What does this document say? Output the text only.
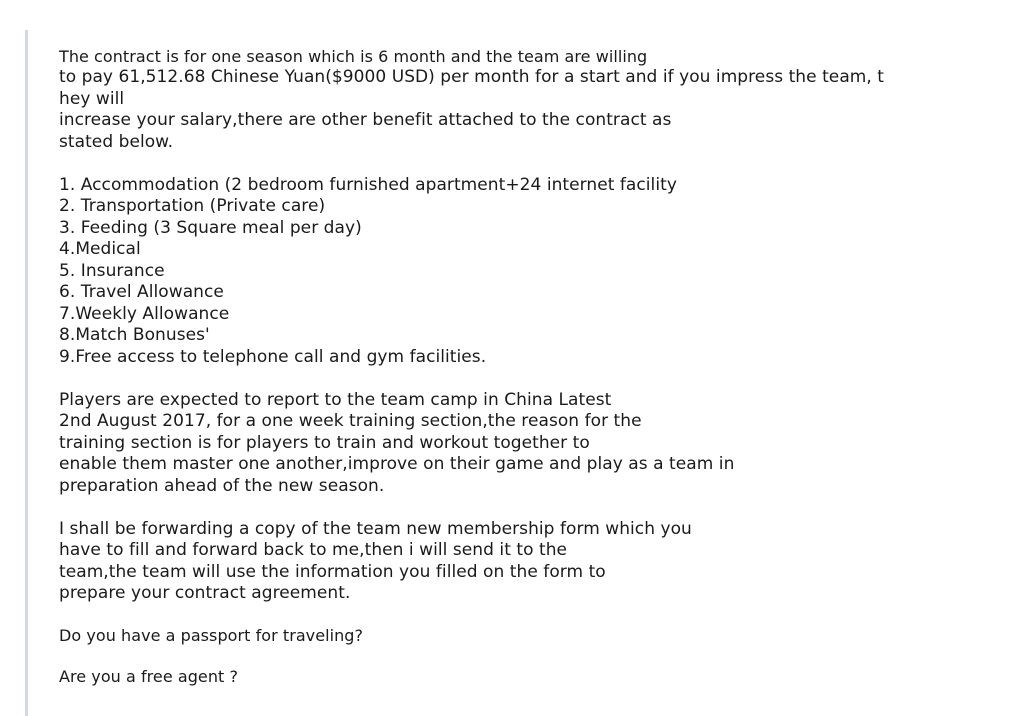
The contract is for one season which is 6 month and the team are willing
to pay 61,512.68 Chinese Yuan($9000 USD) per month for a start and if you impress the team, t
hey will
increase your salary,there are other benefit attached to the contract as
stated below.
1. Accommodation (2 bedroom furnished apartment+24 internet facility
2. Transportation (Private care)
3. Feeding (3 Square meal per day)
4.Medical
5. Insurance
6. Travel Allowance
7.Weekly Allowance
8.Match Bonuses'
9.Free access to telephone call and gym facilities.
Players are expected to report to the team camp in China Latest
2nd August 2017, for a one week training section,the reason for the
training section is for players to train and workout together to
enable them master one another,improve on their game and play as a team in
preparation ahead of the new season.
I shall be forwarding a copy of the team new membership form which you
have to fill and forward back to me,then i will send it to the
team,the team will use the information you filled on the form to
prepare your contract agreement.
Do you have a passport for traveling?
Are you a free agent ?
